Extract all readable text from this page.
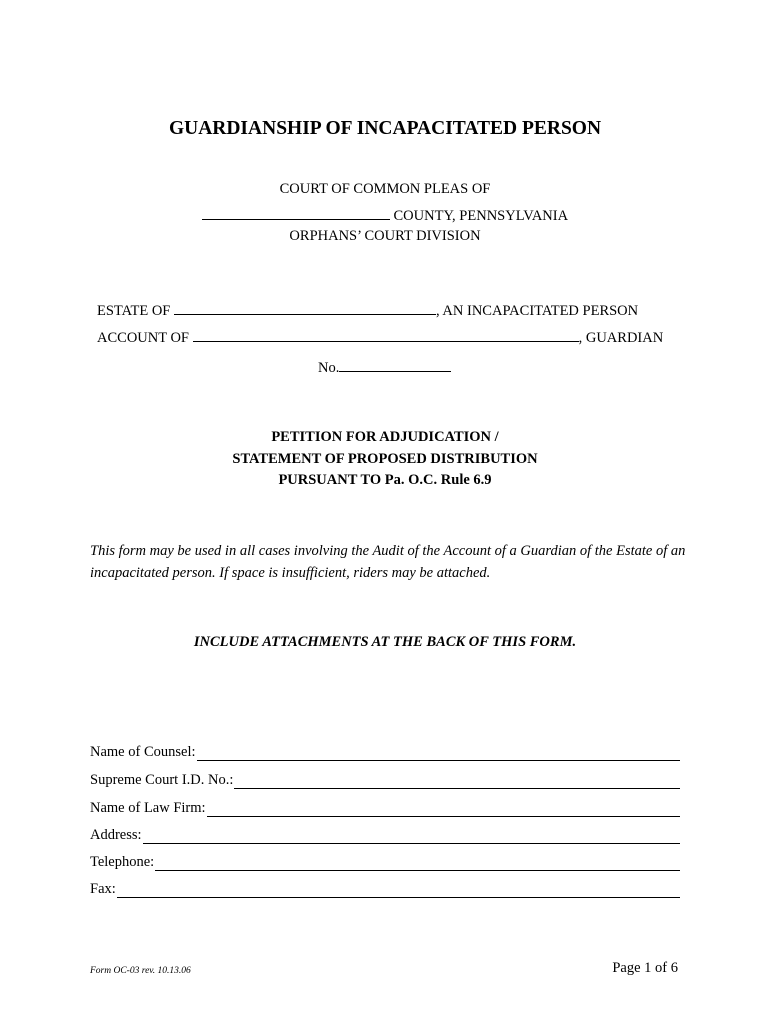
GUARDIANSHIP OF INCAPACITATED PERSON
COURT OF COMMON PLEAS OF
COUNTY, PENNSYLVANIA
ORPHANS’ COURT DIVISION
ESTATE OF	, AN INCAPACITATED PERSON
ACCOUNT OF	, GUARDIAN
No.
PETITION FOR ADJUDICATION /
STATEMENT OF PROPOSED DISTRIBUTION
PURSUANT TO Pa. O.C. Rule 6.9
This form may be used in all cases involving the Audit of the Account of a Guardian of the Estate of an incapacitated person. If space is insufficient, riders may be attached.
INCLUDE ATTACHMENTS AT THE BACK OF THIS FORM.
Name of Counsel:
Supreme Court I.D. No.:
Name of Law Firm:
Address:
Telephone:
Fax:
Form OC-03 rev. 10.13.06	Page 1 of 6
